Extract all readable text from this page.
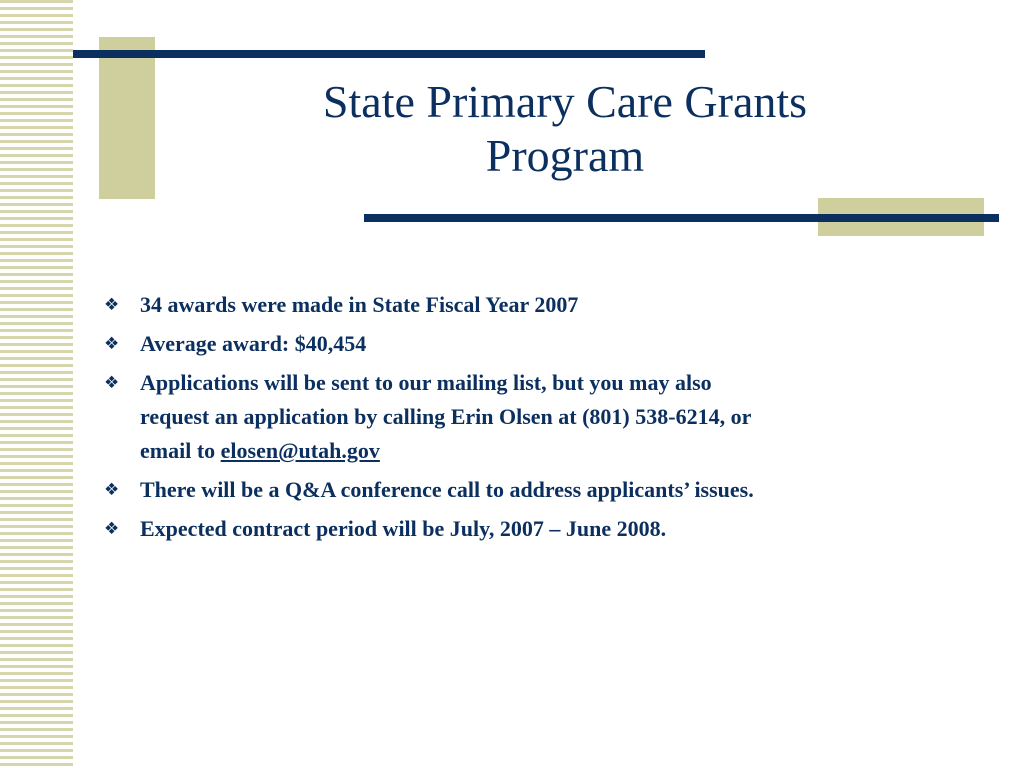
State Primary Care Grants
Program
❖ 34 awards were made in State Fiscal Year 2007
❖ Average award: $40,454
❖ Applications will be sent to our mailing list, but you may also
request an application by calling Erin Olsen at (801) 538-6214, or
email to elosen@utah.gov
❖ There will be a Q&A conference call to address applicants’ issues.
❖ Expected contract period will be July, 2007 – June 2008.
